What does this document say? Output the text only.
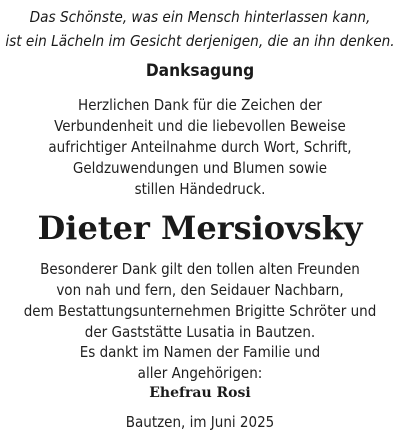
Das Schönste, was ein Mensch hinterlassen kann,
ist ein Lächeln im Gesicht derjenigen, die an ihn denken.
Danksagung
Herzlichen Dank für die Zeichen der
Verbundenheit und die liebevollen Beweise
aufrichtiger Anteilnahme durch Wort, Schrift,
Geldzuwendungen und Blumen sowie
stillen Händedruck.
Dieter Mersiovsky
Besonderer Dank gilt den tollen alten Freunden
von nah und fern, den Seidauer Nachbarn,
dem Bestattungsunternehmen Brigitte Schröter und
der Gaststätte Lusatia in Bautzen.
Es dankt im Namen der Familie und
aller Angehörigen:
Ehefrau Rosi
Bautzen, im Juni 2025
